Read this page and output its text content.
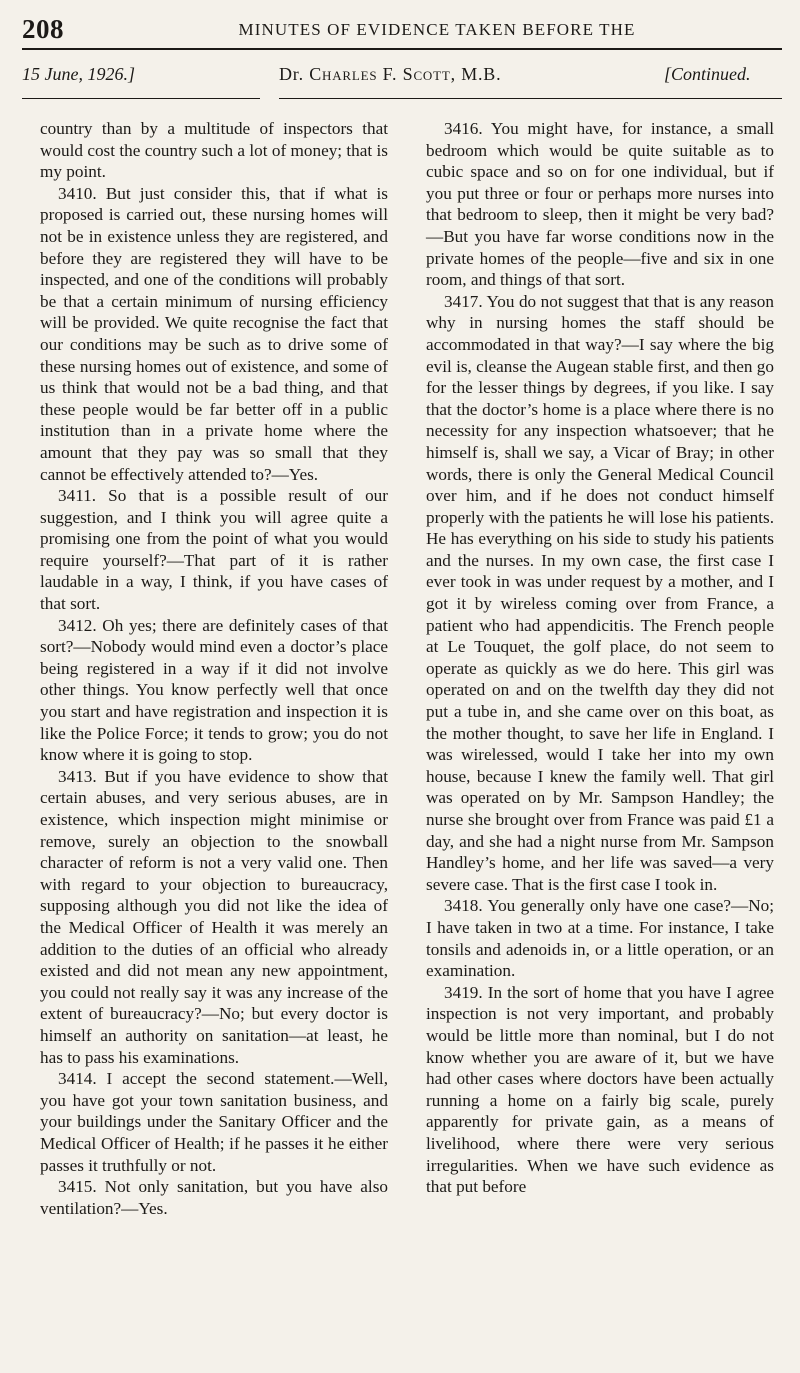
208	MINUTES OF EVIDENCE TAKEN BEFORE THE
15 June, 1926.]	Dr. Charles F. Scott, M.B.	[Continued.

country than by a multitude of inspectors that would cost the country such a lot of money; that is my point.

3410. But just consider this, that if what is proposed is carried out, these nursing homes will not be in existence unless they are registered, and before they are registered they will have to be inspected, and one of the conditions will probably be that a certain minimum of nursing efficiency will be provided. We quite recognise the fact that our conditions may be such as to drive some of these nursing homes out of existence, and some of us think that would not be a bad thing, and that these people would be far better off in a public institution than in a private home where the amount that they pay was so small that they cannot be effectively attended to?—Yes.

3411. So that is a possible result of our suggestion, and I think you will agree quite a promising one from the point of what you would require yourself?—That part of it is rather laudable in a way, I think, if you have cases of that sort.

3412. Oh yes; there are definitely cases of that sort?—Nobody would mind even a doctor’s place being registered in a way if it did not involve other things. You know perfectly well that once you start and have registration and inspection it is like the Police Force; it tends to grow; you do not know where it is going to stop.

3413. But if you have evidence to show that certain abuses, and very serious abuses, are in existence, which inspection might minimise or remove, surely an objection to the snowball character of reform is not a very valid one. Then with regard to your objection to bureaucracy, supposing although you did not like the idea of the Medical Officer of Health it was merely an addition to the duties of an official who already existed and did not mean any new appointment, you could not really say it was any increase of the extent of bureaucracy?—No; but every doctor is himself an authority on sanitation—at least, he has to pass his examinations.

3414. I accept the second statement.—Well, you have got your town sanitation business, and your buildings under the Sanitary Officer and the Medical Officer of Health; if he passes it he either passes it truthfully or not.

3415. Not only sanitation, but you have also ventilation?—Yes.

3416. You might have, for instance, a small bedroom which would be quite suitable as to cubic space and so on for one individual, but if you put three or four or perhaps more nurses into that bedroom to sleep, then it might be very bad?—But you have far worse conditions now in the private homes of the people—five and six in one room, and things of that sort.

3417. You do not suggest that that is any reason why in nursing homes the staff should be accommodated in that way?—I say where the big evil is, cleanse the Augean stable first, and then go for the lesser things by degrees, if you like. I say that the doctor’s home is a place where there is no necessity for any inspection whatsoever; that he himself is, shall we say, a Vicar of Bray; in other words, there is only the General Medical Council over him, and if he does not conduct himself properly with the patients he will lose his patients. He has everything on his side to study his patients and the nurses. In my own case, the first case I ever took in was under request by a mother, and I got it by wireless coming over from France, a patient who had appendicitis. The French people at Le Touquet, the golf place, do not seem to operate as quickly as we do here. This girl was operated on and on the twelfth day they did not put a tube in, and she came over on this boat, as the mother thought, to save her life in England. I was wirelessed, would I take her into my own house, because I knew the family well. That girl was operated on by Mr. Sampson Handley; the nurse she brought over from France was paid £1 a day, and she had a night nurse from Mr. Sampson Handley’s home, and her life was saved—a very severe case. That is the first case I took in.

3418. You generally only have one case?—No; I have taken in two at a time. For instance, I take tonsils and adenoids in, or a little operation, or an examination.

3419. In the sort of home that you have I agree inspection is not very important, and probably would be little more than nominal, but I do not know whether you are aware of it, but we have had other cases where doctors have been actually running a home on a fairly big scale, purely apparently for private gain, as a means of livelihood, where there were very serious irregularities. When we have such evidence as that put before
